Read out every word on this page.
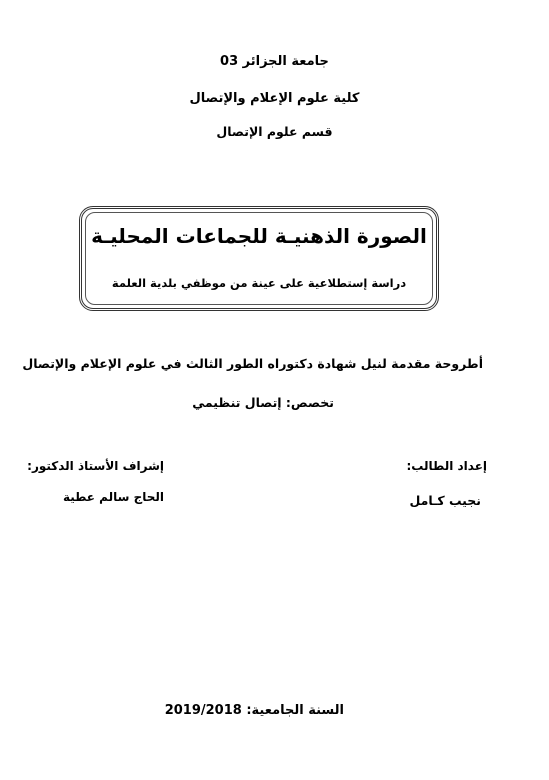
جامعة الجزائر 03
كلية علوم الإعلام والإتصال
قسم علوم الإتصال
الصورة الذهنيـة للجماعات المحليـة
دراسة إستطلاعية على عينة من موظفي بلدية العلمة
أطروحة مقدمة لنيل شهادة دكتوراه الطور الثالث في علوم الإعلام والإتصال
تخصص: إتصال تنظيمي
إعداد الطالب:
إشراف الأستاذ الدكتور:
نجيب كـامل
الحاج سالم عطية
السنة الجامعية: 2019/2018
